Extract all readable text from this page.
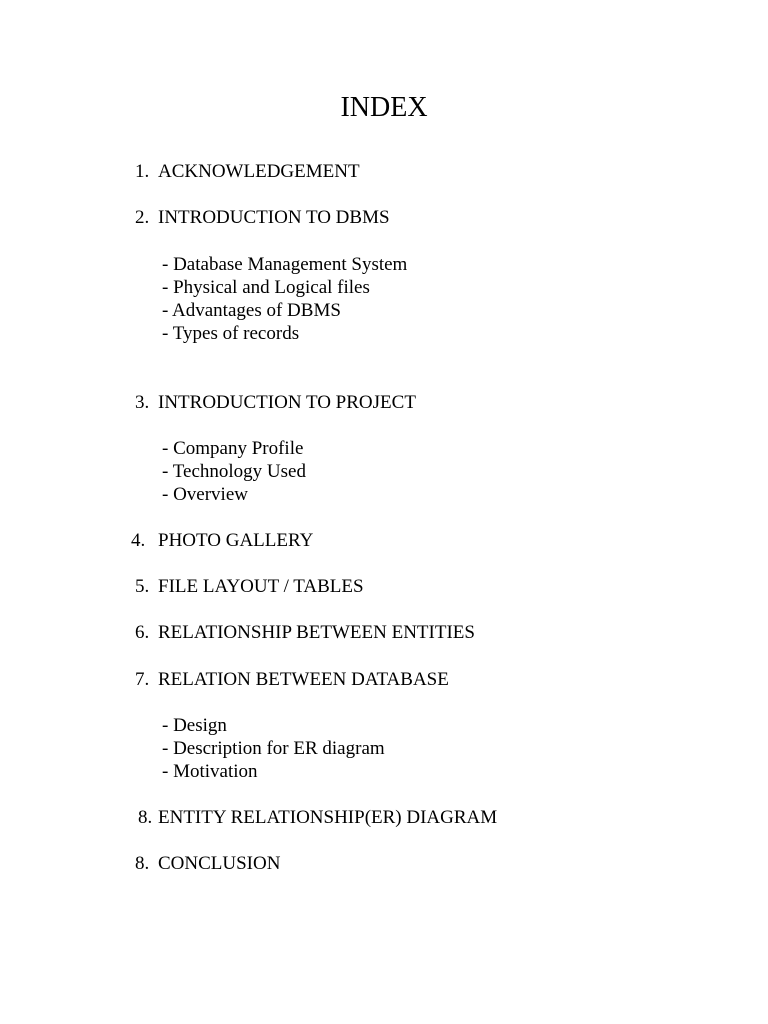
INDEX
1. ACKNOWLEDGEMENT
2. INTRODUCTION TO DBMS
- Database Management System
- Physical and Logical files
- Advantages of DBMS
- Types of records
3. INTRODUCTION TO PROJECT
- Company Profile
- Technology Used
- Overview
4. PHOTO GALLERY
5. FILE LAYOUT / TABLES
6. RELATIONSHIP BETWEEN ENTITIES
7. RELATION BETWEEN DATABASE
- Design
- Description for ER diagram
- Motivation
8. ENTITY RELATIONSHIP(ER) DIAGRAM
8. CONCLUSION
